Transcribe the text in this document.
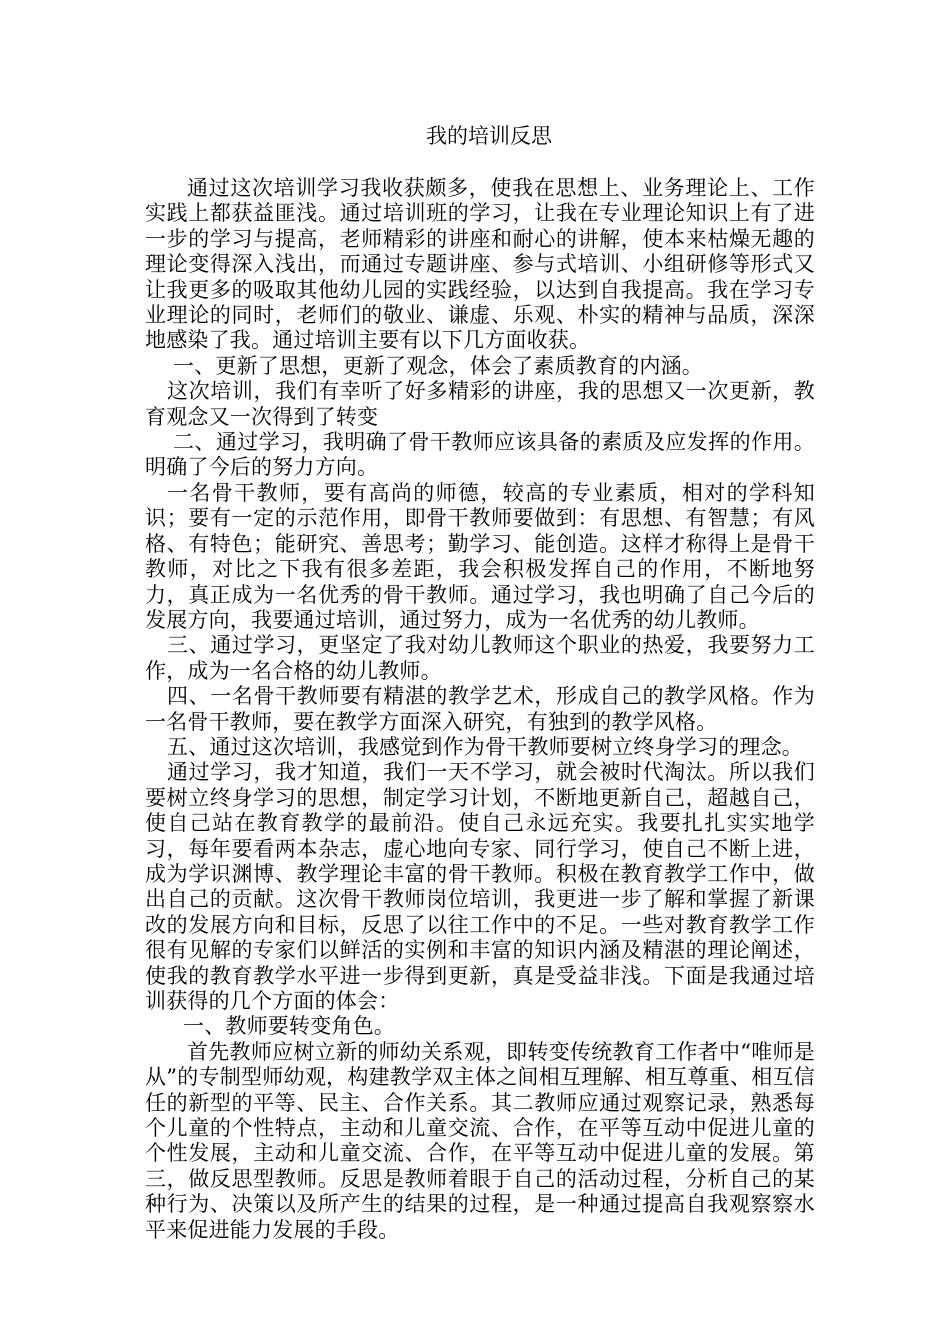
我的培训反思

通过这次培训学习我收获颇多，使我在思想上、业务理论上、工作实践上都获益匪浅。通过培训班的学习，让我在专业理论知识上有了进一步的学习与提高，老师精彩的讲座和耐心的讲解，使本来枯燥无趣的理论变得深入浅出，而通过专题讲座、参与式培训、小组研修等形式又让我更多的吸取其他幼儿园的实践经验，以达到自我提高。我在学习专业理论的同时，老师们的敬业、谦虚、乐观、朴实的精神与品质，深深地感染了我。通过培训主要有以下几方面收获。

一、更新了思想，更新了观念，体会了素质教育的内涵。

这次培训，我们有幸听了好多精彩的讲座，我的思想又一次更新，教育观念又一次得到了转变

二、通过学习，我明确了骨干教师应该具备的素质及应发挥的作用。明确了今后的努力方向。

一名骨干教师，要有高尚的师德，较高的专业素质，相对的学科知识；要有一定的示范作用，即骨干教师要做到：有思想、有智慧；有风格、有特色；能研究、善思考；勤学习、能创造。这样才称得上是骨干教师，对比之下我有很多差距，我会积极发挥自己的作用，不断地努力，真正成为一名优秀的骨干教师。通过学习，我也明确了自己今后的发展方向，我要通过培训，通过努力，成为一名优秀的幼儿教师。

三、通过学习，更坚定了我对幼儿教师这个职业的热爱，我要努力工作，成为一名合格的幼儿教师。

四、一名骨干教师要有精湛的教学艺术，形成自己的教学风格。作为一名骨干教师，要在教学方面深入研究，有独到的教学风格。

五、通过这次培训，我感觉到作为骨干教师要树立终身学习的理念。

通过学习，我才知道，我们一天不学习，就会被时代淘汰。所以我们要树立终身学习的思想，制定学习计划，不断地更新自己，超越自己，使自己站在教育教学的最前沿。使自己永远充实。我要扎扎实实地学习，每年要看两本杂志，虚心地向专家、同行学习，使自己不断上进，成为学识渊博、教学理论丰富的骨干教师。积极在教育教学工作中，做出自己的贡献。这次骨干教师岗位培训，我更进一步了解和掌握了新课改的发展方向和目标，反思了以往工作中的不足。一些对教育教学工作很有见解的专家们以鲜活的实例和丰富的知识内涵及精湛的理论阐述，使我的教育教学水平进一步得到更新，真是受益非浅。下面是我通过培训获得的几个方面的体会：

一、教师要转变角色。

首先教师应树立新的师幼关系观，即转变传统教育工作者中“唯师是从”的专制型师幼观，构建教学双主体之间相互理解、相互尊重、相互信任的新型的平等、民主、合作关系。其二教师应通过观察记录，熟悉每个儿童的个性特点，主动和儿童交流、合作，在平等互动中促进儿童的个性发展，主动和儿童交流、合作，在平等互动中促进儿童的发展。第三，做反思型教师。反思是教师着眼于自己的活动过程，分析自己的某种行为、决策以及所产生的结果的过程，是一种通过提高自我观察察水平来促进能力发展的手段。
